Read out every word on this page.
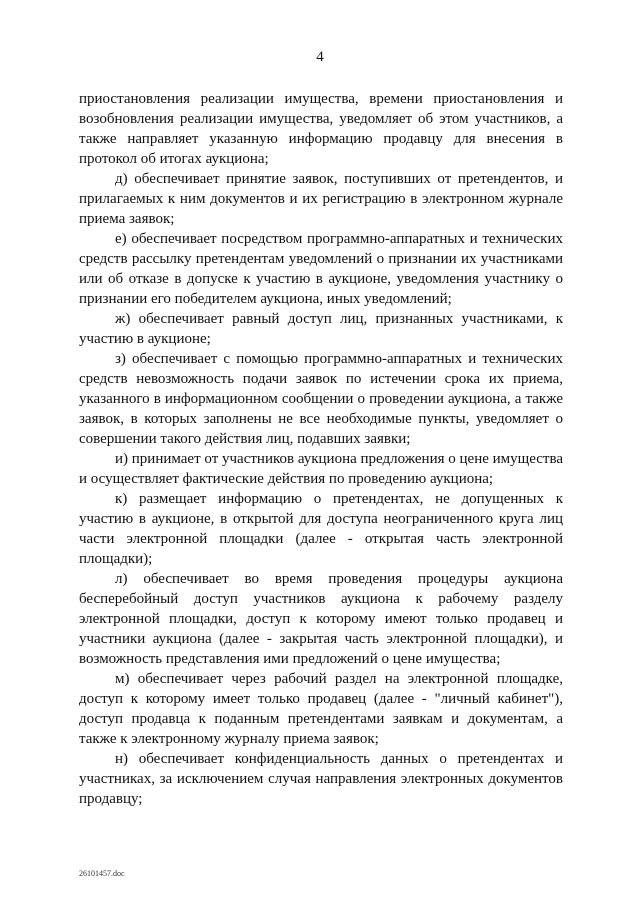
4

приостановления реализации имущества, времени приостановления и возобновления реализации имущества, уведомляет об этом участников, а также направляет указанную информацию продавцу для внесения в протокол об итогах аукциона;

д) обеспечивает принятие заявок, поступивших от претендентов, и прилагаемых к ним документов и их регистрацию в электронном журнале приема заявок;

е) обеспечивает посредством программно-аппаратных и технических средств рассылку претендентам уведомлений о признании их участниками или об отказе в допуске к участию в аукционе, уведомления участнику о признании его победителем аукциона, иных уведомлений;

ж) обеспечивает равный доступ лиц, признанных участниками, к участию в аукционе;

з) обеспечивает с помощью программно-аппаратных и технических средств невозможность подачи заявок по истечении срока их приема, указанного в информационном сообщении о проведении аукциона, а также заявок, в которых заполнены не все необходимые пункты, уведомляет о совершении такого действия лиц, подавших заявки;

и) принимает от участников аукциона предложения о цене имущества и осуществляет фактические действия по проведению аукциона;

к) размещает информацию о претендентах, не допущенных к участию в аукционе, в открытой для доступа неограниченного круга лиц части электронной площадки (далее - открытая часть электронной площадки);

л) обеспечивает во время проведения процедуры аукциона бесперебойный доступ участников аукциона к рабочему разделу электронной площадки, доступ к которому имеют только продавец и участники аукциона (далее - закрытая часть электронной площадки), и возможность представления ими предложений о цене имущества;

м) обеспечивает через рабочий раздел на электронной площадке, доступ к которому имеет только продавец (далее - "личный кабинет"), доступ продавца к поданным претендентами заявкам и документам, а также к электронному журналу приема заявок;

н) обеспечивает конфиденциальность данных о претендентах и участниках, за исключением случая направления электронных документов продавцу;

26101457.doc
